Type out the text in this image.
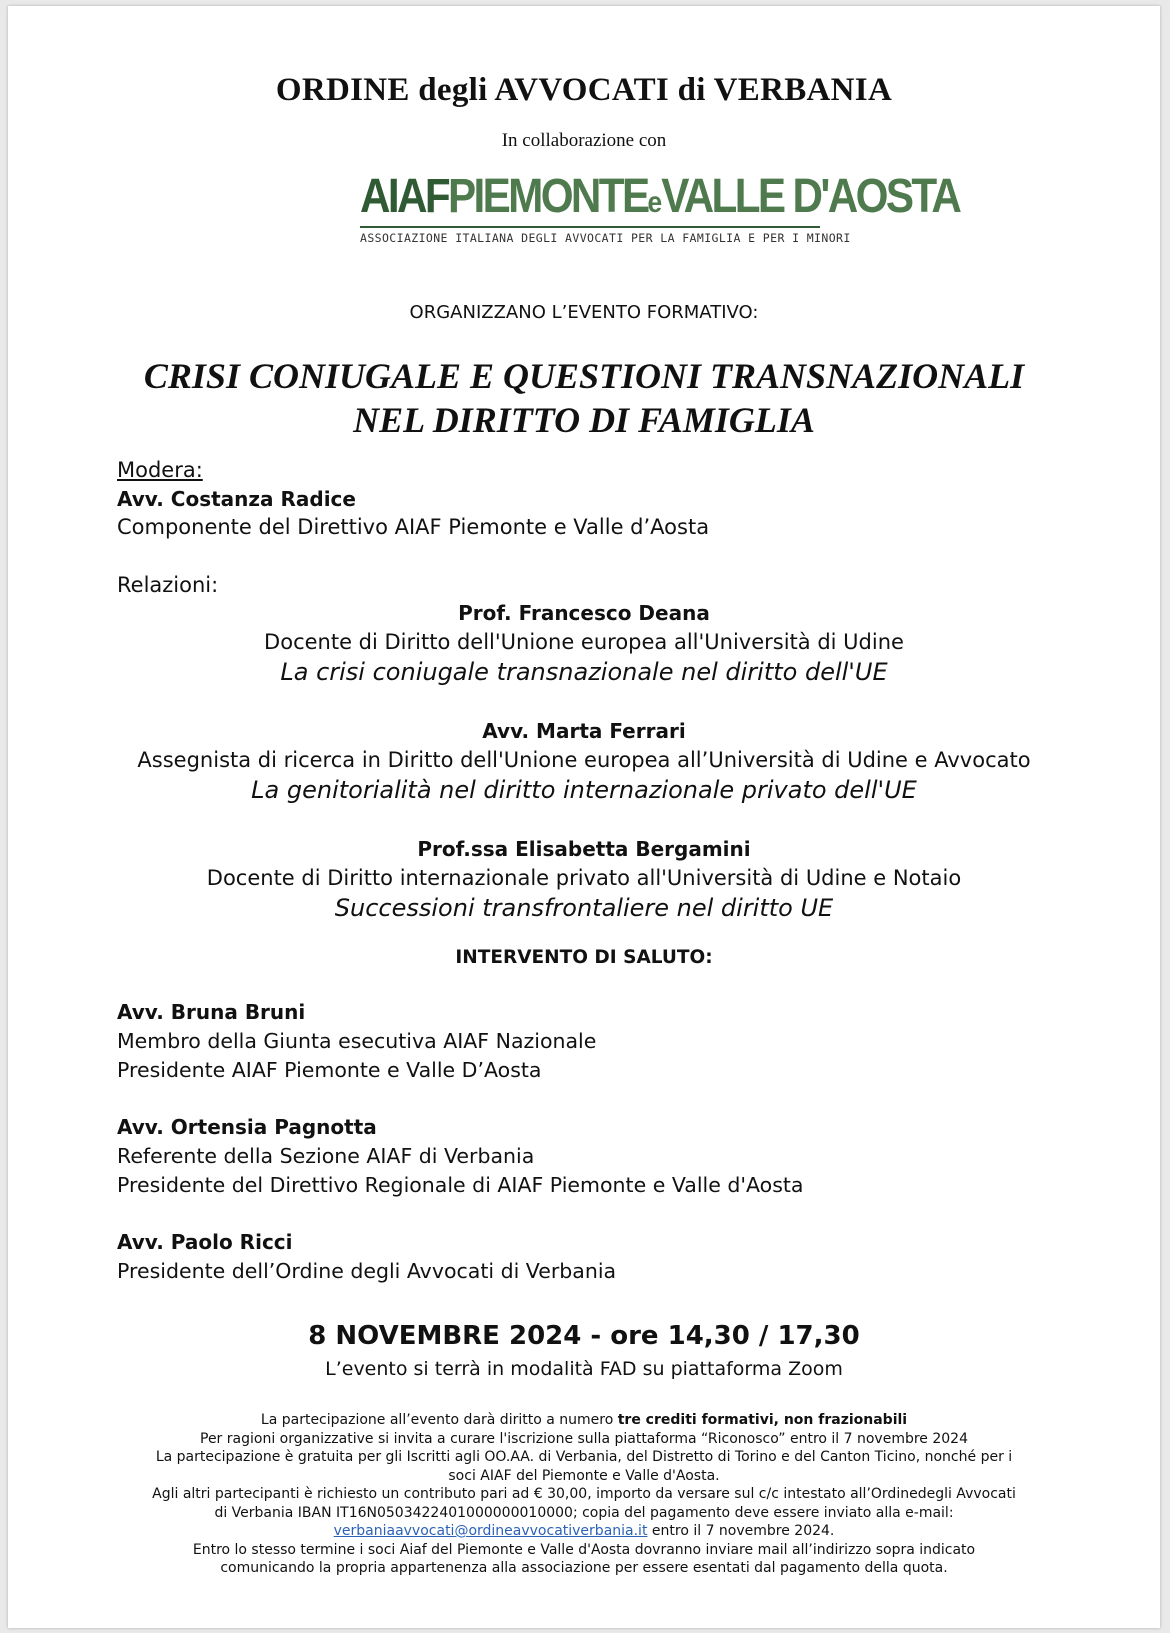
ORDINE degli AVVOCATI di VERBANIA
In collaborazione con
AIAFPIEMONTEeVALLE D'AOSTA
ASSOCIAZIONE ITALIANA DEGLI AVVOCATI PER LA FAMIGLIA E PER I MINORI
ORGANIZZANO L’EVENTO FORMATIVO:
CRISI CONIUGALE E QUESTIONI TRANSNAZIONALI
NEL DIRITTO DI FAMIGLIA
Modera:
Avv. Costanza Radice
Componente del Direttivo AIAF Piemonte e Valle d’Aosta
Relazioni:
Prof. Francesco Deana
Docente di Diritto dell'Unione europea all'Università di Udine
La crisi coniugale transnazionale nel diritto dell'UE
Avv. Marta Ferrari
Assegnista di ricerca in Diritto dell'Unione europea all’Università di Udine e Avvocato
La genitorialità nel diritto internazionale privato dell'UE
Prof.ssa Elisabetta Bergamini
Docente di Diritto internazionale privato all'Università di Udine e Notaio
Successioni transfrontaliere nel diritto UE
INTERVENTO DI SALUTO:
Avv. Bruna Bruni
Membro della Giunta esecutiva AIAF Nazionale
Presidente AIAF Piemonte e Valle D’Aosta
Avv. Ortensia Pagnotta
Referente della Sezione AIAF di Verbania
Presidente del Direttivo Regionale di AIAF Piemonte e Valle d'Aosta
Avv. Paolo Ricci
Presidente dell’Ordine degli Avvocati di Verbania
8 NOVEMBRE 2024 - ore 14,30 / 17,30
L’evento si terrà in modalità FAD su piattaforma Zoom
La partecipazione all’evento darà diritto a numero tre crediti formativi, non frazionabili
Per ragioni organizzative si invita a curare l'iscrizione sulla piattaforma “Riconosco” entro il 7 novembre 2024
La partecipazione è gratuita per gli Iscritti agli OO.AA. di Verbania, del Distretto di Torino e del Canton Ticino, nonché per i
soci AIAF del Piemonte e Valle d'Aosta.
Agli altri partecipanti è richiesto un contributo pari ad € 30,00, importo da versare sul c/c intestato all’Ordinedegli Avvocati
di Verbania IBAN IT16N0503422401000000010000; copia del pagamento deve essere inviato alla e-mail:
verbaniaavvocati@ordineavvocativerbania.it entro il 7 novembre 2024.
Entro lo stesso termine i soci Aiaf del Piemonte e Valle d'Aosta dovranno inviare mail all’indirizzo sopra indicato
comunicando la propria appartenenza alla associazione per essere esentati dal pagamento della quota.
